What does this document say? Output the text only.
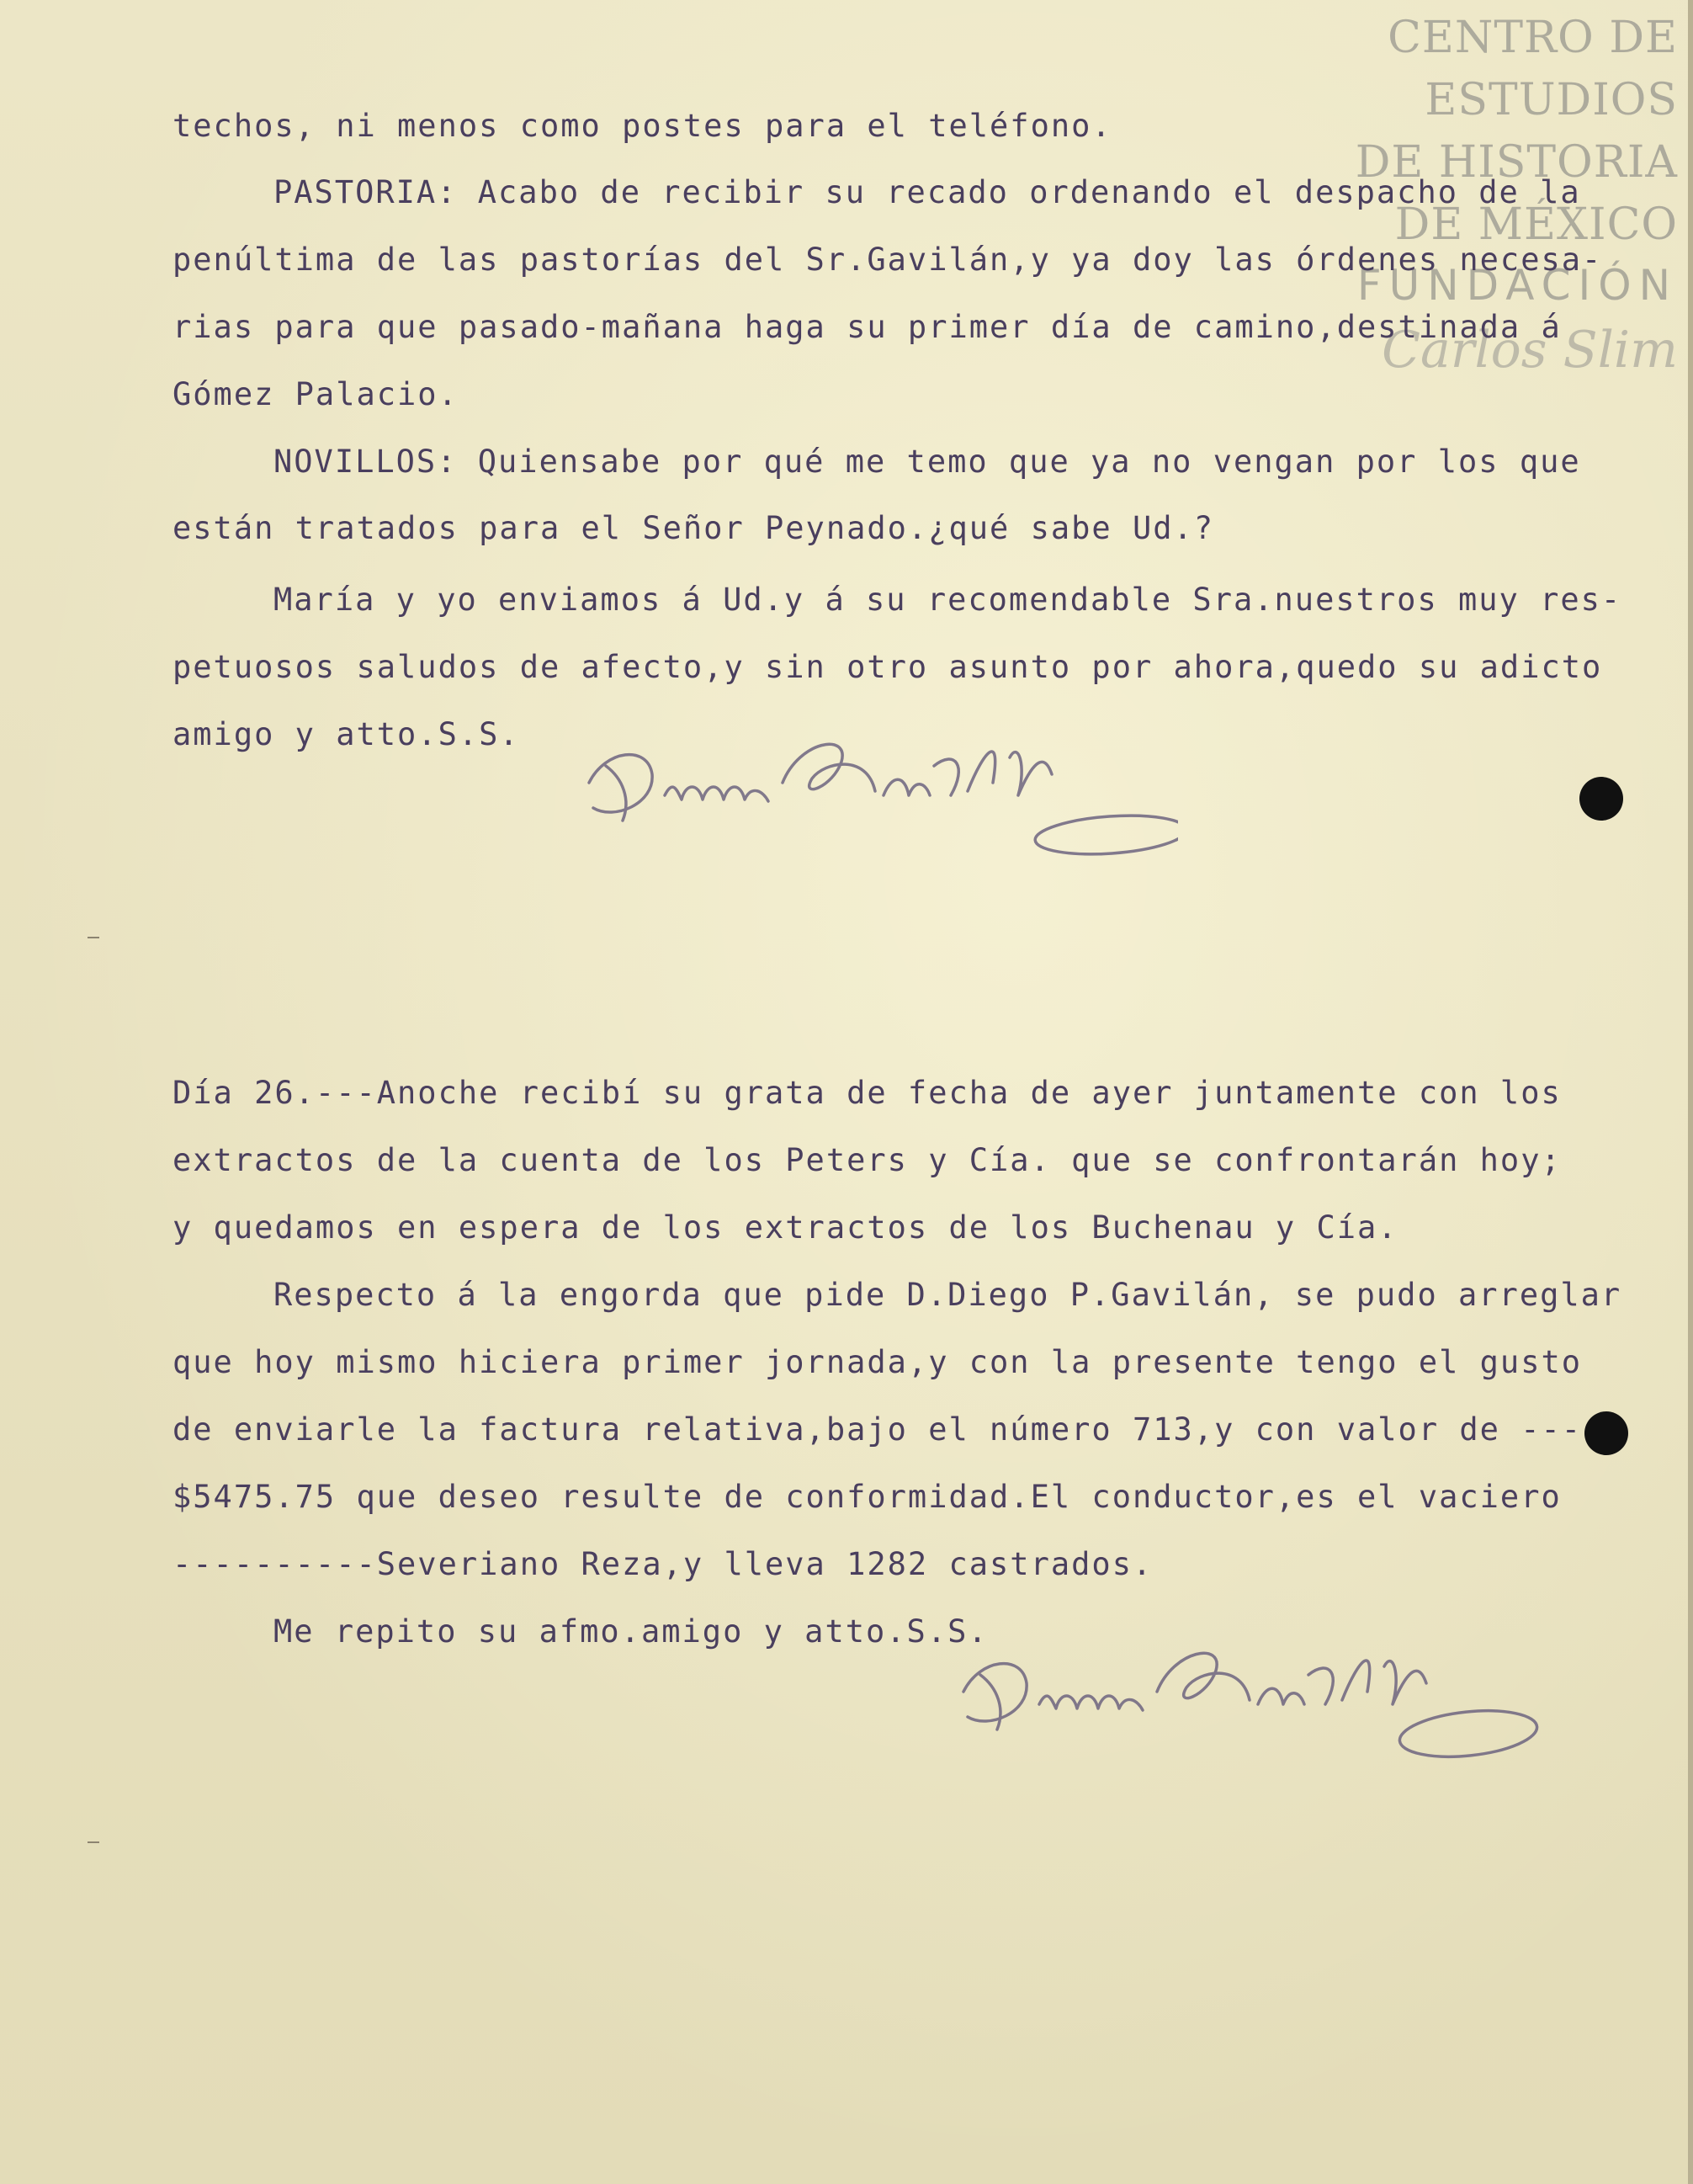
CENTRO DE
ESTUDIOS
DE HISTORIA
DE MÉXICO
FUNDACIÓN
Carlos Slim
techos, ni menos como postes para el teléfono.
PASTORIA: Acabo de recibir su recado ordenando el despacho de la
penúltima de las pastorías del Sr.Gavilán,y ya doy las órdenes necesa-
rias para que pasado-mañana haga su primer día de camino,destinada á
Gómez Palacio.
NOVILLOS: Quiensabe por qué me temo que ya no vengan por los que
están tratados para el Señor Peynado.¿qué sabe Ud.?
María y yo enviamos á Ud.y á su recomendable Sra.nuestros muy res-
petuosos saludos de afecto,y sin otro asunto por ahora,quedo su adicto
amigo y atto.S.S.
Día 26.---Anoche recibí su grata de fecha de ayer juntamente con los
extractos de la cuenta de los Peters y Cía. que se confrontarán hoy;
y quedamos en espera de los extractos de los Buchenau y Cía.
Respecto á la engorda que pide D.Diego P.Gavilán, se pudo arreglar
que hoy mismo hiciera primer jornada,y con la presente tengo el gusto
de enviarle la factura relativa,bajo el número 713,y con valor de ---
$5475.75 que deseo resulte de conformidad.El conductor,es el vaciero
----------Severiano Reza,y lleva 1282 castrados.
Me repito su afmo.amigo y atto.S.S.
